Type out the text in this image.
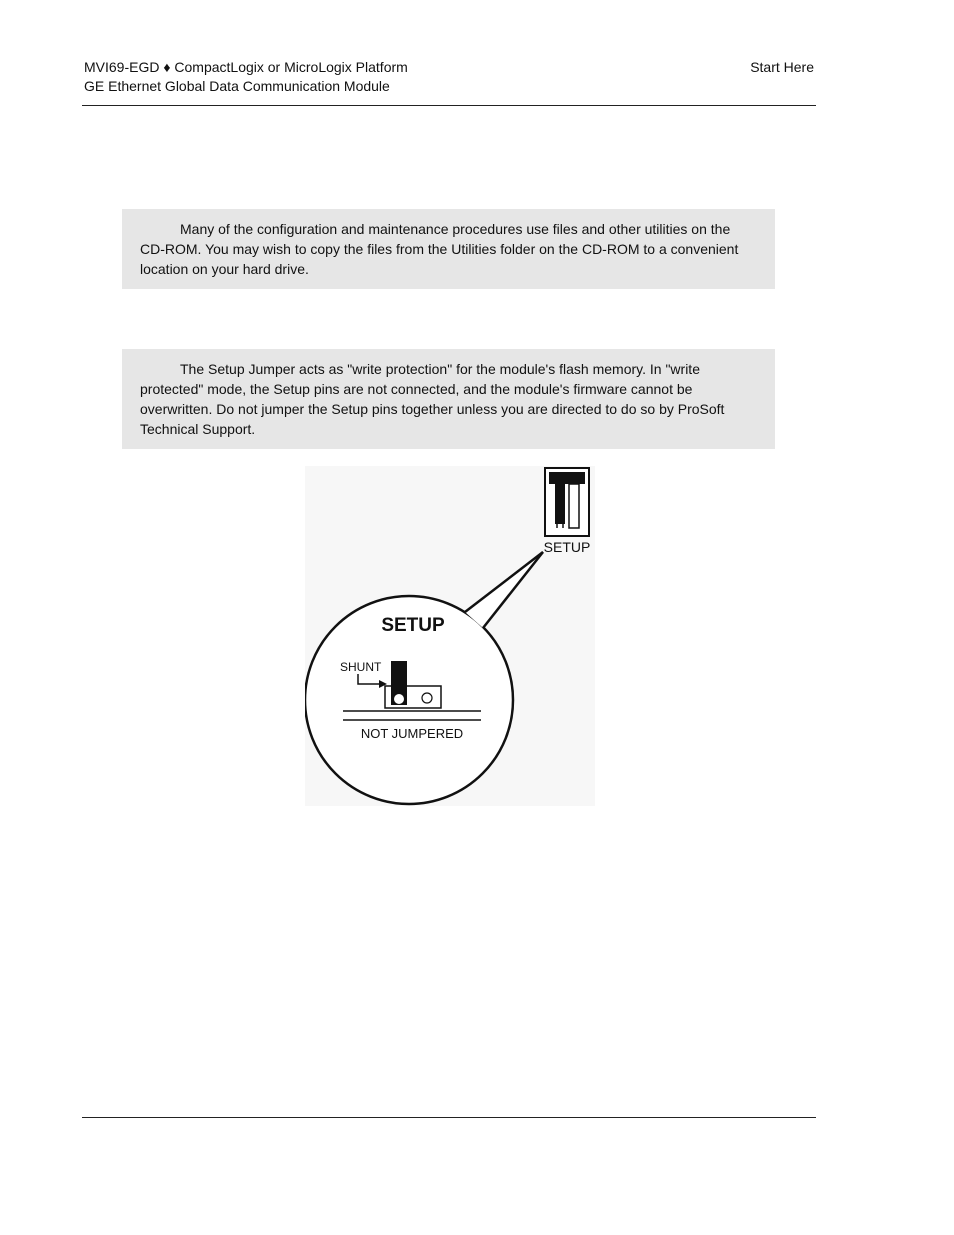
MVI69-EGD ♦ CompactLogix or MicroLogix Platform
GE Ethernet Global Data Communication Module
Start Here

Many of the configuration and maintenance procedures use files and other utilities on the CD-ROM. You may wish to copy the files from the Utilities folder on the CD-ROM to a convenient location on your hard drive.

The Setup Jumper acts as "write protection" for the module's flash memory. In "write protected" mode, the Setup pins are not connected, and the module's firmware cannot be overwritten. Do not jumper the Setup pins together unless you are directed to do so by ProSoft Technical Support.

SETUP
SETUP
SHUNT
NOT JUMPERED
